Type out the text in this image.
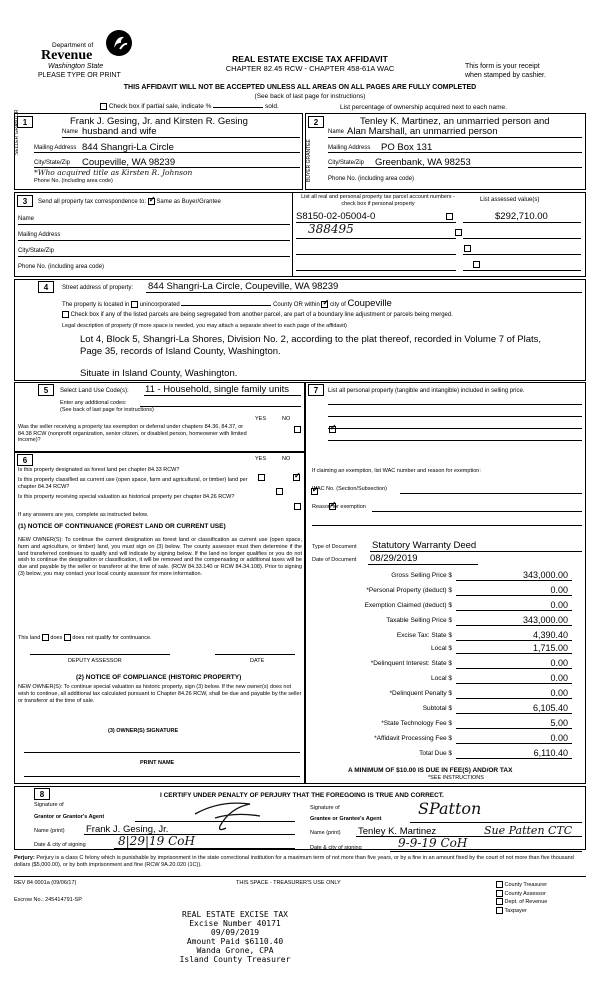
Department of
Revenue
Washington State
PLEASE TYPE OR PRINT
REAL ESTATE EXCISE TAX AFFIDAVIT
CHAPTER 82.45 RCW - CHAPTER 458-61A WAC	This form is your receipt
when stamped by cashier.
THIS AFFIDAVIT WILL NOT BE ACCEPTED UNLESS ALL AREAS ON ALL PAGES ARE FULLY COMPLETED
(See back of last page for instructions)
Check box if partial sale, indicate %	sold.	List percentage of ownership acquired next to each name.
1
SELLER GRANTOR	Frank J. Gesing, Jr. and Kirsten R. Gesing
Name husband and wife
Mailing Address 844 Shangri-La Circle
City/State/Zip Coupeville, WA 98239
*Who acquired title as Kirsten R. Johnson
Phone No. (including area code)
2
BUYER GRANTEE
Tenley K. Martinez, an unmarried person and
Name Alan Marshall, an unmarried person
Mailing Address PO Box 131
City/State/Zip Greenbank, WA 98253
Phone No. (including area code)
3	Send all property tax correspondence to: ✓ Same as Buyer/Grantee
Name
Mailing Address
City/State/Zip
Phone No. (including area code)
List all real and personal property tax parcel account numbers - check box if personal property
List assessed value(s)
S8150-02-05004-0
	$292,710.00
388495

4	Street address of property: 844 Shangri-La Circle, Coupeville, WA 98239
The property is located in unincorporated	County OR within ✓ city of Coupeville
Check box if any of the listed parcels are being segregated from another parcel, are part of a boundary line adjustment or parcels being merged.
Legal description of property (if more space is needed, you may attach a separate sheet to each page of the affidavit)
Lot 4, Block 5, Shangri-La Shores, Division No. 2, according to the plat thereof, recorded in Volume 7 of Plats,
Page 35, records of Island County, Washington.
Situate in Island County, Washington.
5	Select Land Use Code(s): 11 - Household, single family units
Enter any additional codes:
(See back of last page for instructions)
YES	NO
Was the seller receiving a property tax exemption or deferral under chapters 84.36, 84.37, or 84.38 RCW (nonprofit organization, senior citizen, or disabled person, homeowner with limited income)?
✓
7	List all personal property (tangible and intangible) included in selling price.
If claiming an exemption, list WAC number and reason for exemption:
WAC No. (Section/Subsection)
Reason for exemption
Type of Document Statutory Warranty Deed
Date of Document 08/29/2019
Gross Selling Price $	343,000.00
*Personal Property (deduct) $	0.00
Exemption Claimed (deduct) $	0.00
Taxable Selling Price $	343,000.00
Excise Tax: State $	4,390.40
Local $	1,715.00
*Delinquent Interest: State $	0.00
Local $	0.00
*Delinquent Penalty $	0.00
Subtotal $	6,105.40
*State Technology Fee $	5.00
*Affidavit Processing Fee $	0.00
Total Due $	6,110.40
A MINIMUM OF $10.00 IS DUE IN FEE(S) AND/OR TAX
*SEE INSTRUCTIONS
6	YES	NO
Is this property designated as forest land per chapter 84.33 RCW?
✓
Is this property classified as current use (open space, farm and agricultural, or timber) land per chapter 84.34 RCW?
✓
Is this property receiving special valuation as historical property per chapter 84.26 RCW?
✓
If any answers are yes, complete as instructed below.
(1) NOTICE OF CONTINUANCE (FOREST LAND OR CURRENT USE)
NEW OWNER(S): To continue the current designation as forest land or classification as current use (open space, farm and agriculture, or timber) land, you must sign on (3) below. The county assessor must then determine if the land transferred continues to qualify and will indicate by signing below. If the land no longer qualifies or you do not wish to continue the designation or classification, it will be removed and the compensating or additional taxes will be due and payable by the seller or transferor at the time of sale. (RCW 84.33.140 or RCW 84.34.108). Prior to signing (3) below, you may contact your local county assessor for more information.
This land does does not qualify for continuance.
DEPUTY ASSESSOR	DATE
(2) NOTICE OF COMPLIANCE (HISTORIC PROPERTY)
NEW OWNER(S): To continue special valuation as historic property, sign (3) below. If the new owner(s) does not wish to continue, all additional tax calculated pursuant to Chapter 84.26 RCW, shall be due and payable by the seller or transferor at the time of sale.
(3) OWNER(S) SIGNATURE
PRINT NAME
8	I CERTIFY UNDER PENALTY OF PERJURY THAT THE FOREGOING IS TRUE AND CORRECT.
Signature of
Grantor or Grantor's Agent
Name (print) Frank J. Gesing, Jr.
Date & city of signing	8|29|19 CoH
Signature of
Grantee or Grantee's Agent
SPatton
Name (print) Tenley K. Martinez	Sue Patten CTC
Date & city of signing	9-9-19 CoH
Perjury: Perjury is a class C felony which is punishable by imprisonment in the state correctional institution for a maximum term of not more than five years, or by a fine in an amount fixed by the court of not more than five thousand dollars ($5,000.00), or by both imprisonment and fine (RCW 9A.20.020 (1C)).
REV 84 0001a (09/06/17)	THIS SPACE - TREASURER'S USE ONLY
Escrow No.: 245414791-SP
County Treasurer
County Assessor
Dept. of Revenue
Taxpayer
REAL ESTATE EXCISE TAX
Excise Number 40171
09/09/2019
Amount Paid $6110.40
Wanda Grone, CPA
Island County Treasurer
